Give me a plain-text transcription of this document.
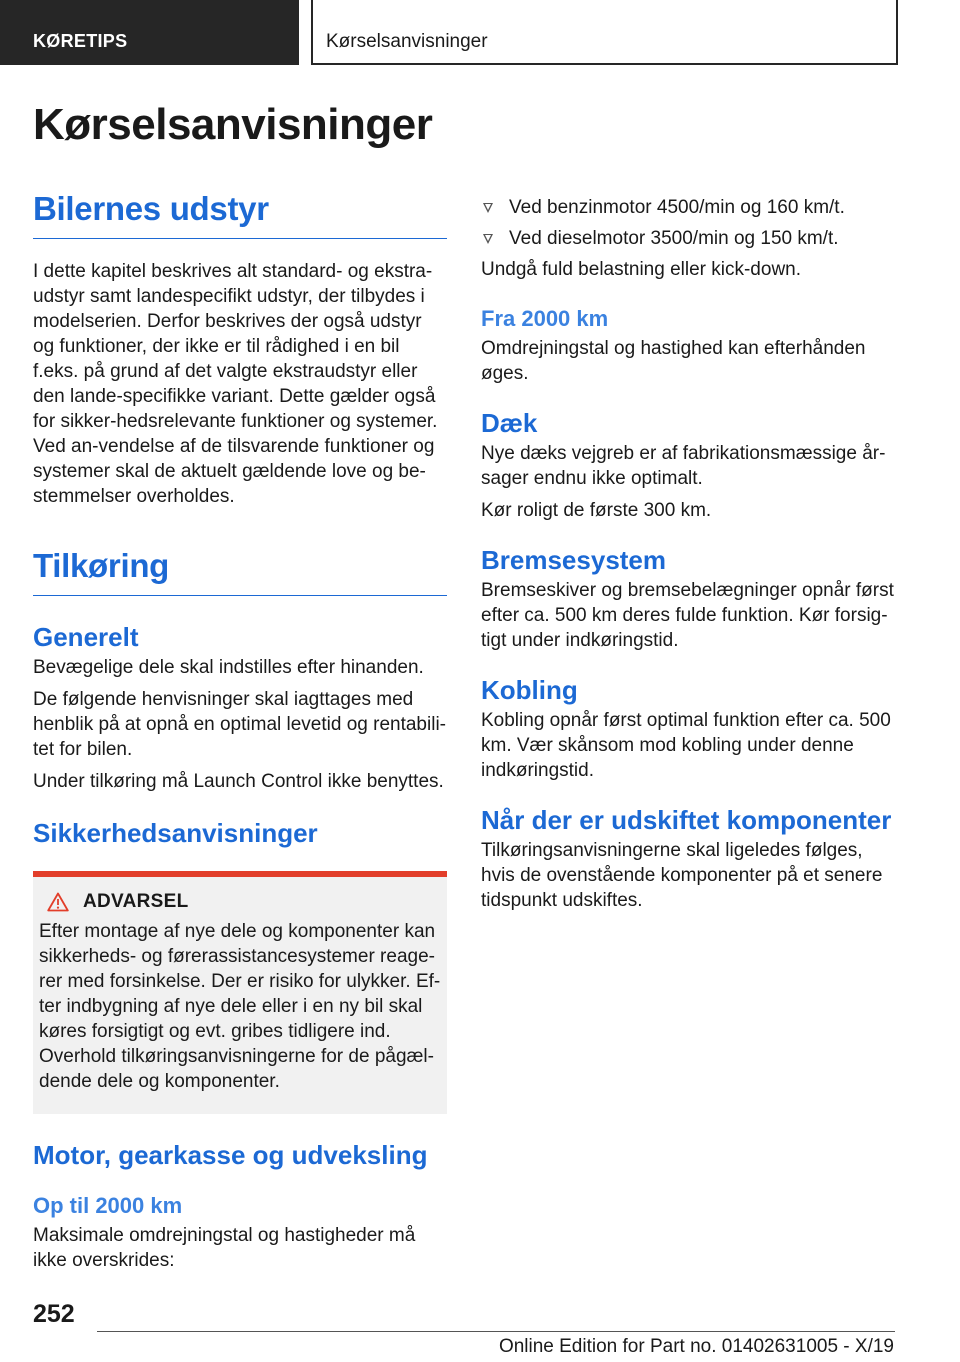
KØRETIPS	Kørselsanvisninger
Kørselsanvisninger
Bilernes udstyr

I dette kapitel beskrives alt standard- og ekstra-udstyr samt landespecifikt udstyr, der tilbydes i modelserien. Derfor beskrives der også udstyr og funktioner, der ikke er til rådighed i en bil f.eks. på grund af det valgte ekstraudstyr eller den lande-specifikke variant. Dette gælder også for sikker-hedsrelevante funktioner og systemer. Ved an-vendelse af de tilsvarende funktioner og systemer skal de aktuelt gældende love og be-stemmelser overholdes.

Tilkøring
Generelt

Bevægelige dele skal indstilles efter hinanden.

De følgende henvisninger skal iagttages med henblik på at opnå en optimal levetid og rentabili-tet for bilen.

Under tilkøring må Launch Control ikke benyttes.

Sikkerhedsanvisninger
ADVARSEL

Efter montage af nye dele og komponenter kan sikkerheds- og førerassistancesystemer reage-rer med forsinkelse. Der er risiko for ulykker. Ef-ter indbygning af nye dele eller i en ny bil skal køres forsigtigt og evt. gribes tidligere ind. Overhold tilkøringsanvisningerne for de pågæl-dende dele og komponenter.

Motor, gearkasse og udveksling
Op til 2000 km

Maksimale omdrejningstal og hastigheder må ikke overskrides:

Ved benzinmotor 4500/min og 160 km/t.
Ved dieselmotor 3500/min og 150 km/t.

Undgå fuld belastning eller kick-down.

Fra 2000 km

Omdrejningstal og hastighed kan efterhånden øges.

Dæk

Nye dæks vejgreb er af fabrikationsmæssige år-sager endnu ikke optimalt.

Kør roligt de første 300 km.

Bremsesystem

Bremseskiver og bremsebelægninger opnår først efter ca. 500 km deres fulde funktion. Kør forsig-tigt under indkøringstid.

Kobling

Kobling opnår først optimal funktion efter ca. 500 km. Vær skånsom mod kobling under denne indkøringstid.

Når der er udskiftet komponenter

Tilkøringsanvisningerne skal ligeledes følges, hvis de ovenstående komponenter på et senere tidspunkt udskiftes.

252
Online Edition for Part no. 01402631005 - X/19
